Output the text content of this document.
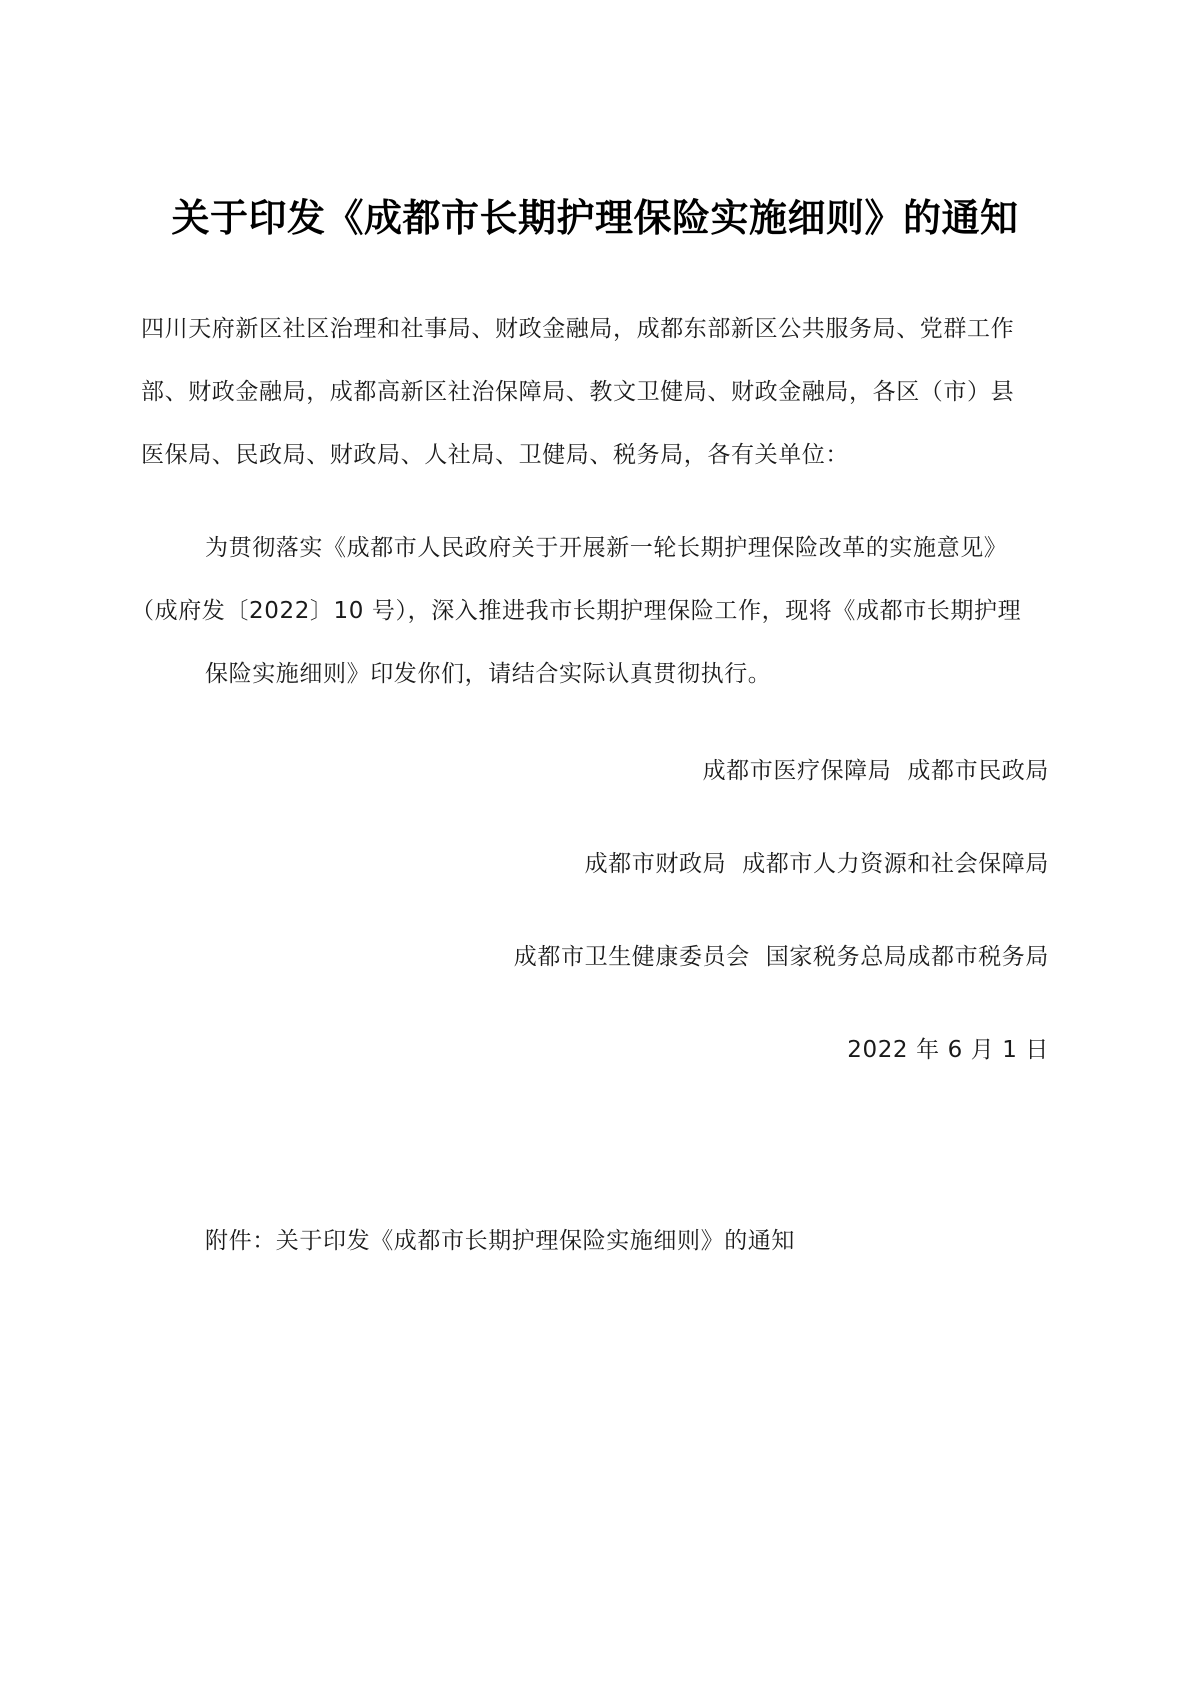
关于印发《成都市长期护理保险实施细则》的通知
四川天府新区社区治理和社事局、财政金融局，成都东部新区公共服务局、党群工作
部、财政金融局，成都高新区社治保障局、教文卫健局、财政金融局，各区（市）县
医保局、民政局、财政局、人社局、卫健局、税务局，各有关单位：
为贯彻落实《成都市人民政府关于开展新一轮长期护理保险改革的实施意见》
（成府发〔2022〕10 号），深入推进我市长期护理保险工作，现将《成都市长期护理
保险实施细则》印发你们，请结合实际认真贯彻执行。
成都市医疗保障局 成都市民政局
成都市财政局 成都市人力资源和社会保障局
成都市卫生健康委员会 国家税务总局成都市税务局
2022 年 6 月 1 日
附件：关于印发《成都市长期护理保险实施细则》的通知
